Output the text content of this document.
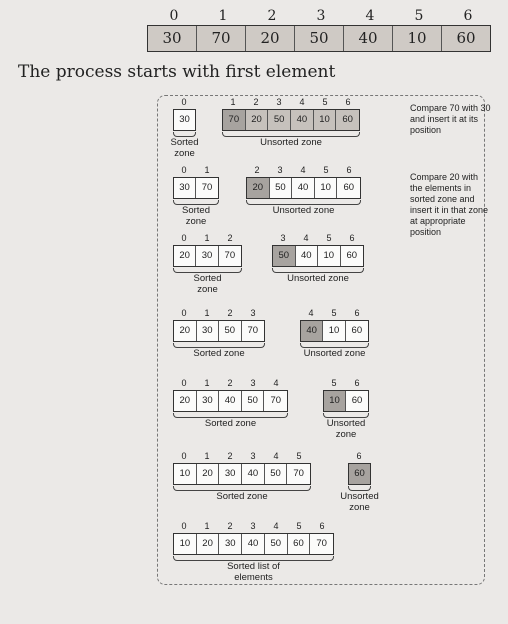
0	1	2	3	4	5	6
30	70	20	50	40	10	60
The process starts with first element
0
30
Sorted
zone
1	2	3	4	5	6
70	20	50	40	10	60
Unsorted zone
0	1
30	70
Sorted
zone
2	3	4	5	6
20	50	40	10	60
Unsorted zone
0	1	2
20	30	70
Sorted
zone
3	4	5	6
50	40	10	60
Unsorted zone
0	1	2	3
20	30	50	70
Sorted zone
4	5	6
40	10	60
Unsorted zone
0	1	2	3	4
20	30	40	50	70
Sorted zone
5	6
10	60
Unsorted
zone
0	1	2	3	4	5
10	20	30	40	50	70
Sorted zone
6
60
Unsorted
zone
0	1	2	3	4	5	6
10	20	30	40	50	60	70
Sorted list of
elements
Compare 70 with 30 and insert it at its position
Compare 20 with the elements in sorted zone and insert it in that zone at appropriate position
